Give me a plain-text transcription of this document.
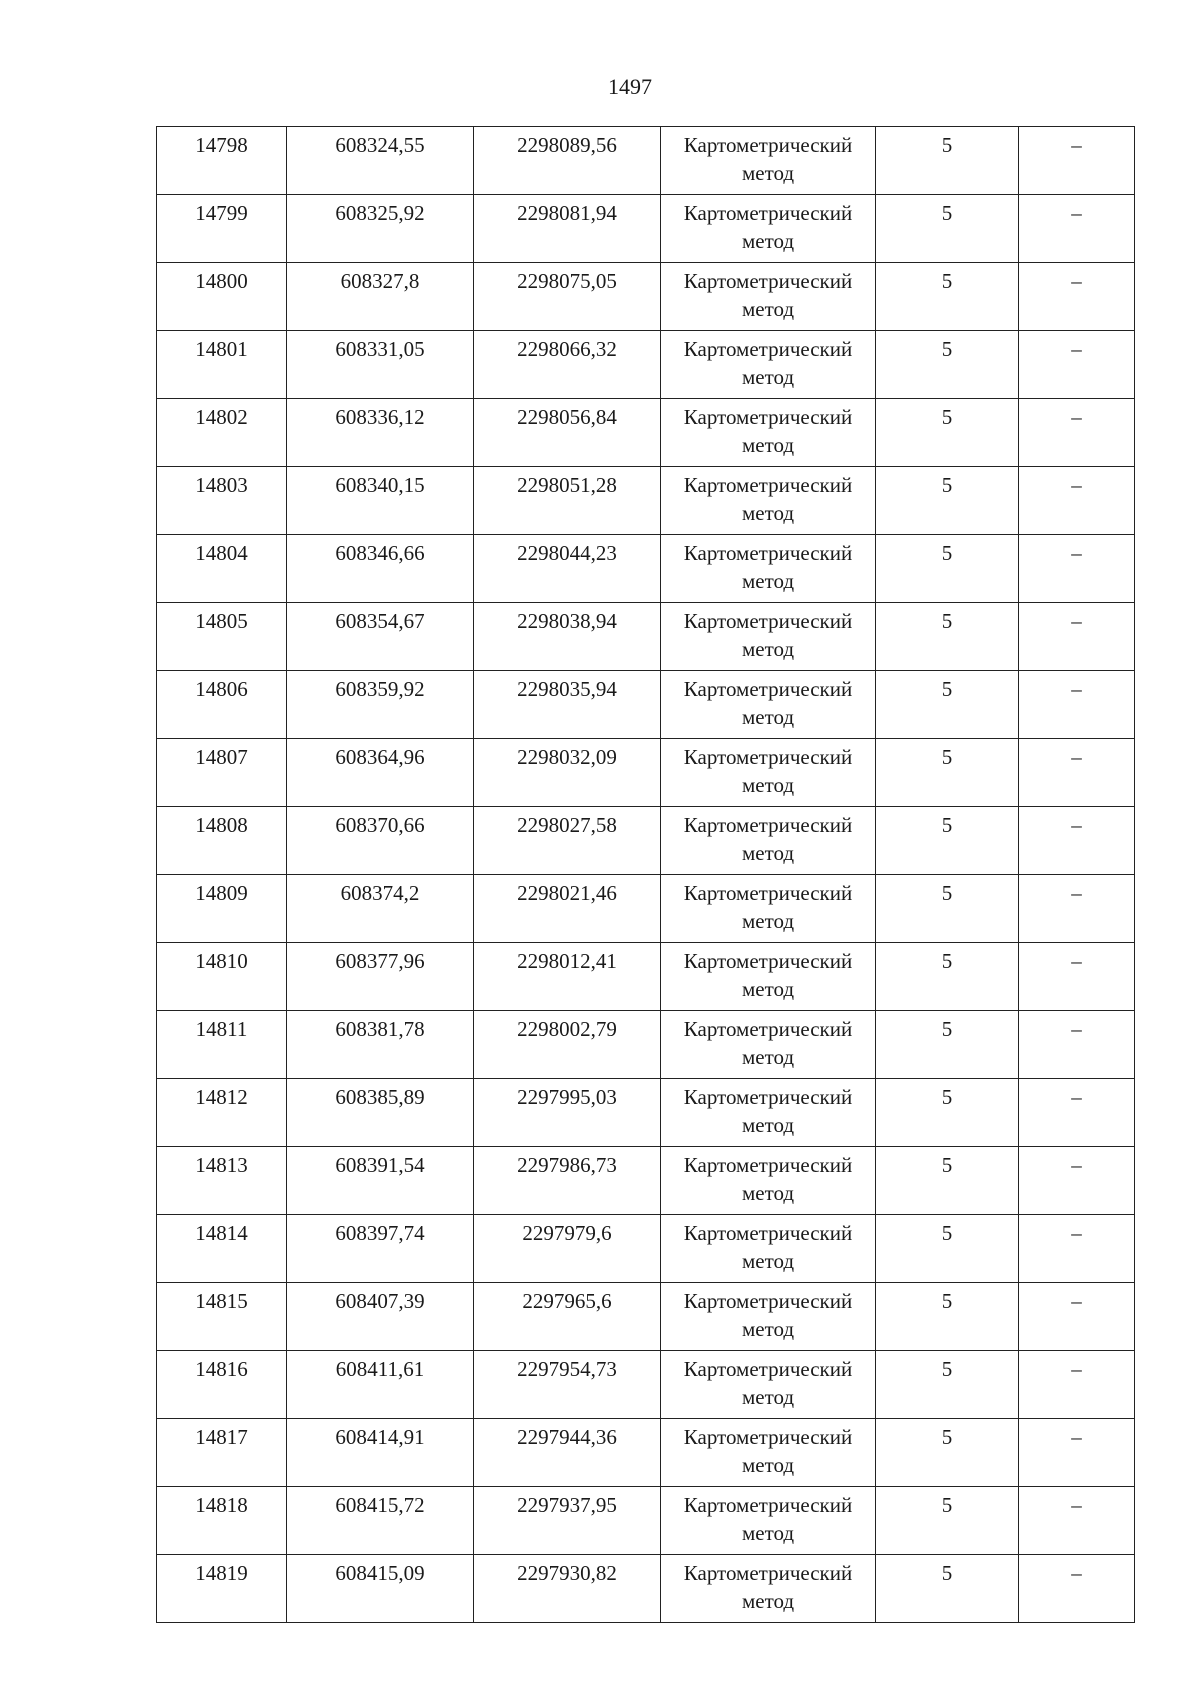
1497
14798	608324,55	2298089,56	Картометрический метод	5	–
14799	608325,92	2298081,94	Картометрический метод	5	–
14800	608327,8	2298075,05	Картометрический метод	5	–
14801	608331,05	2298066,32	Картометрический метод	5	–
14802	608336,12	2298056,84	Картометрический метод	5	–
14803	608340,15	2298051,28	Картометрический метод	5	–
14804	608346,66	2298044,23	Картометрический метод	5	–
14805	608354,67	2298038,94	Картометрический метод	5	–
14806	608359,92	2298035,94	Картометрический метод	5	–
14807	608364,96	2298032,09	Картометрический метод	5	–
14808	608370,66	2298027,58	Картометрический метод	5	–
14809	608374,2	2298021,46	Картометрический метод	5	–
14810	608377,96	2298012,41	Картометрический метод	5	–
14811	608381,78	2298002,79	Картометрический метод	5	–
14812	608385,89	2297995,03	Картометрический метод	5	–
14813	608391,54	2297986,73	Картометрический метод	5	–
14814	608397,74	2297979,6	Картометрический метод	5	–
14815	608407,39	2297965,6	Картометрический метод	5	–
14816	608411,61	2297954,73	Картометрический метод	5	–
14817	608414,91	2297944,36	Картометрический метод	5	–
14818	608415,72	2297937,95	Картометрический метод	5	–
14819	608415,09	2297930,82	Картометрический метод	5	–
